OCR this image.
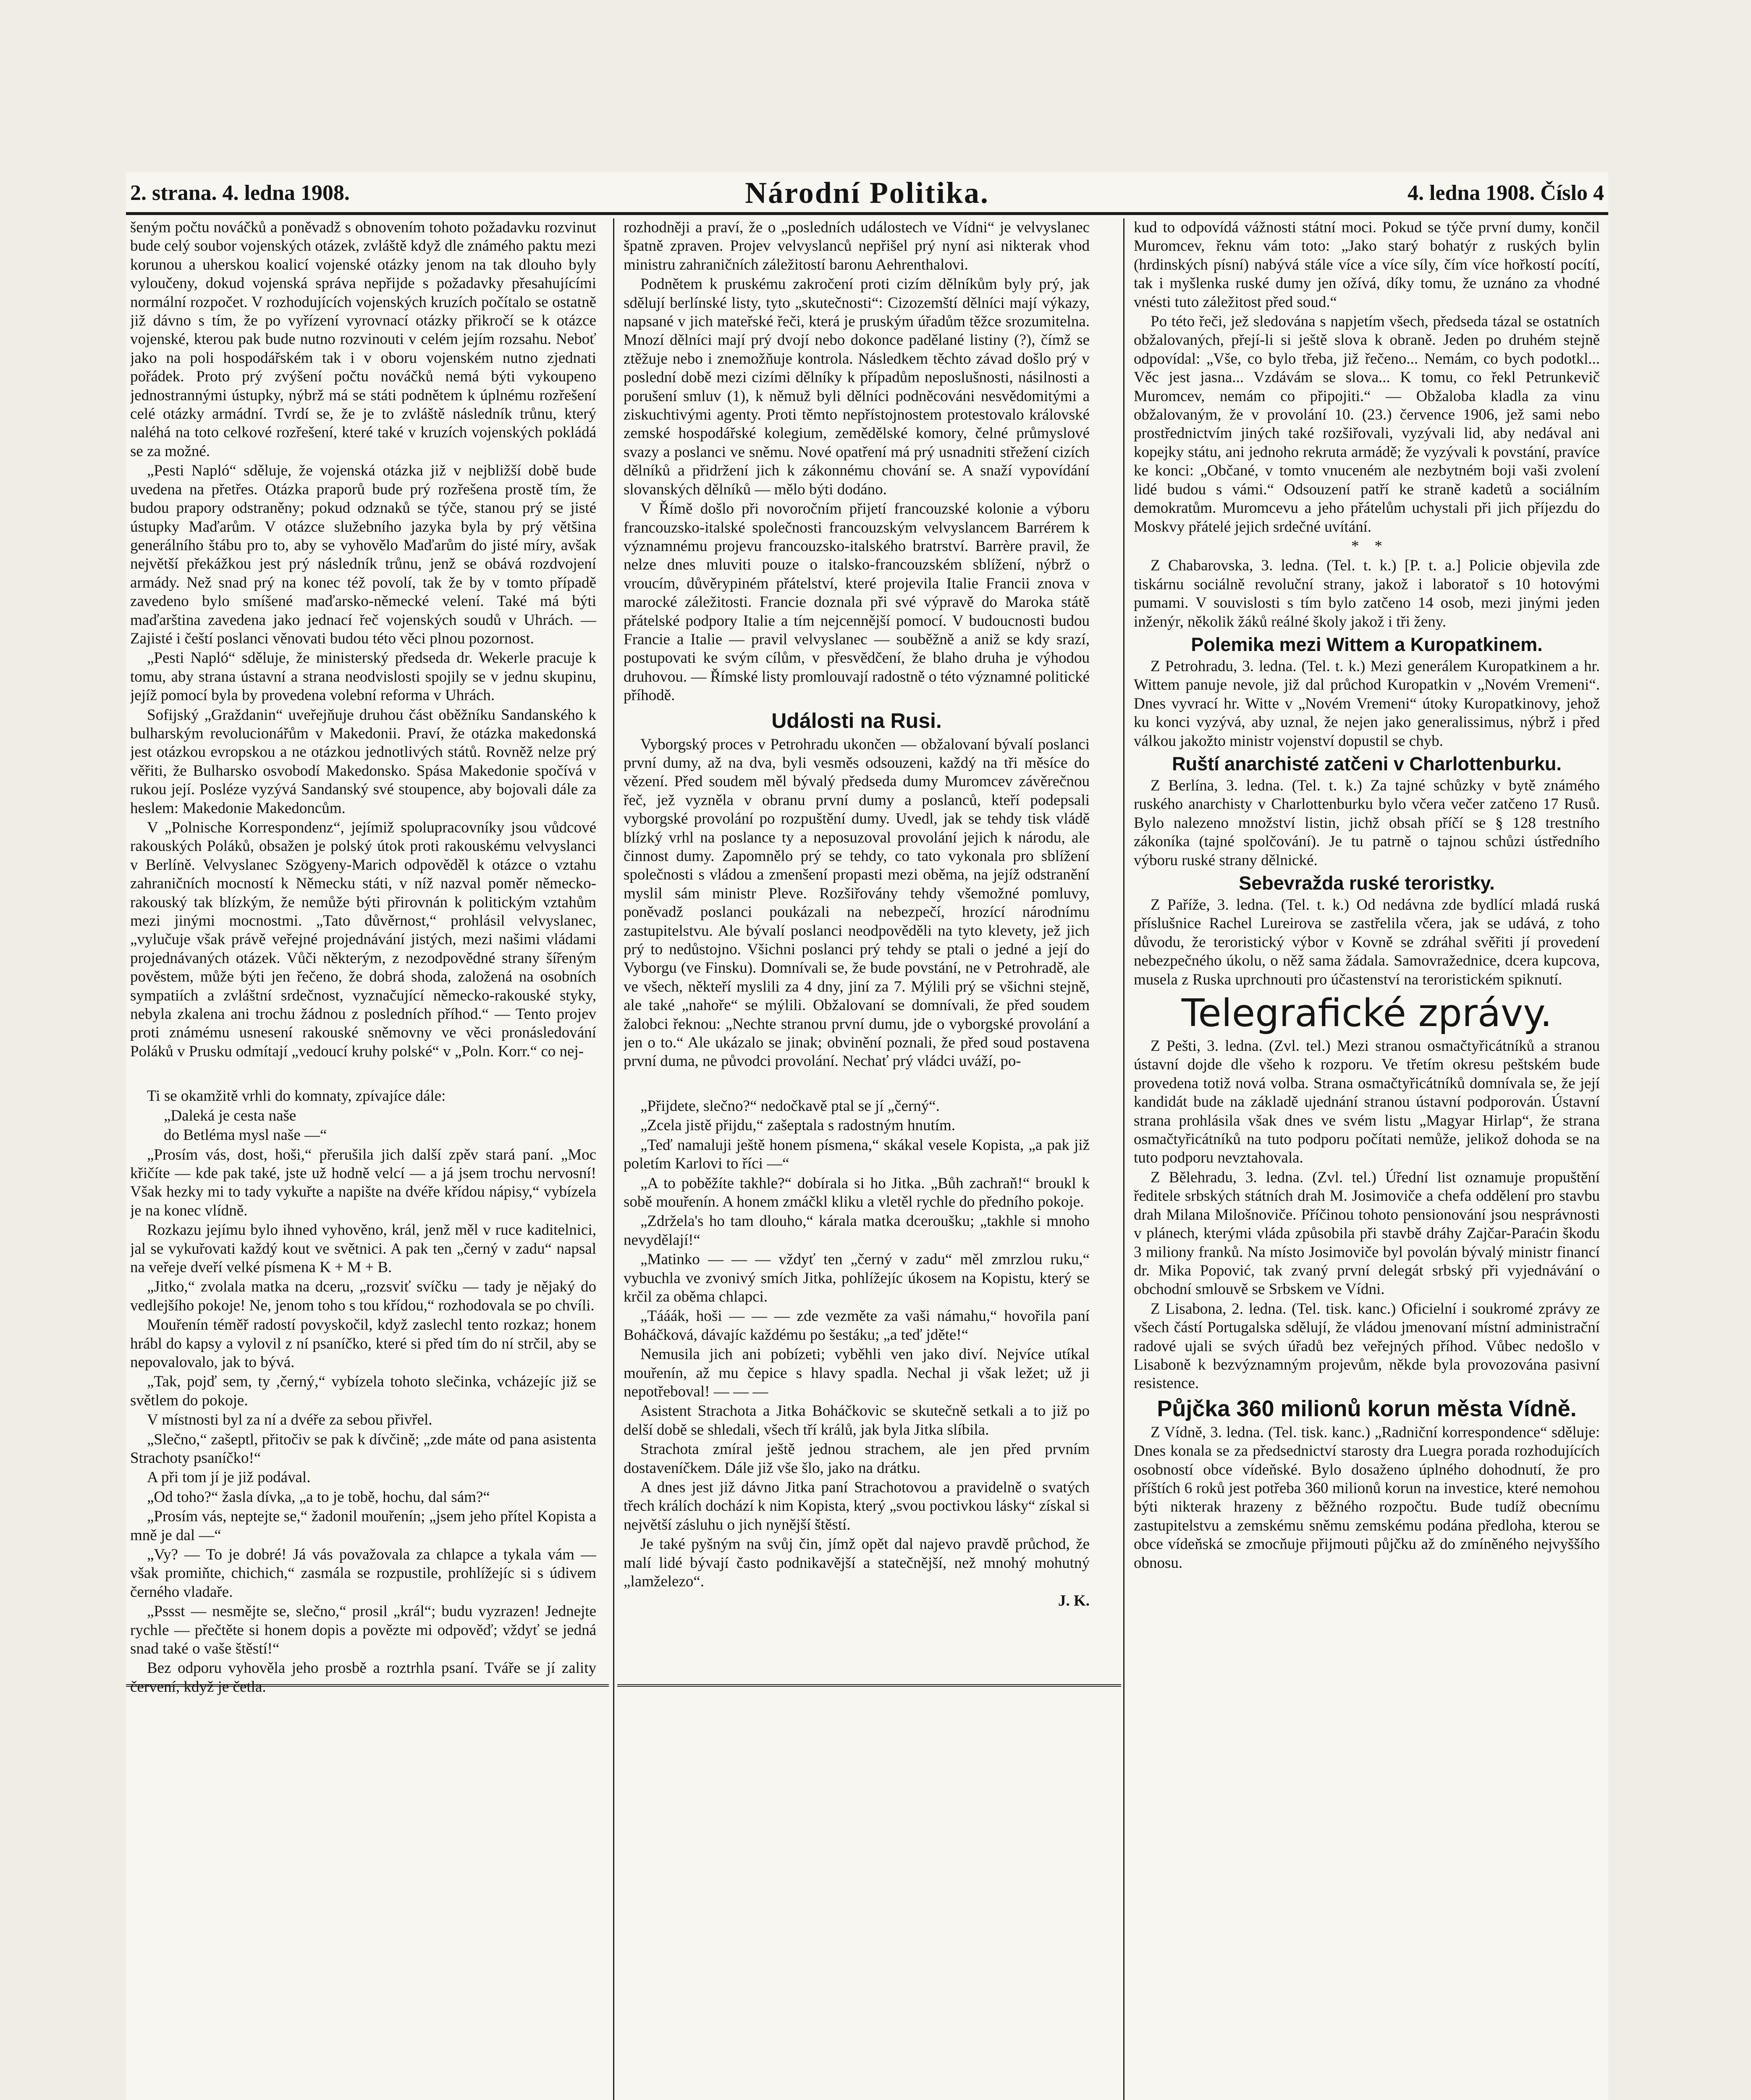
2. strana. 4. ledna 1908.	Národní Politika.	4. ledna 1908. Číslo 4

šeným počtu nováčků a poněvadž s obnovením tohoto požadavku rozvinut bude celý soubor vojenských otázek, zvláště když dle známého paktu mezi korunou a uherskou koalicí vojenské otázky jenom na tak dlouho byly vyloučeny, dokud vojenská správa nepřijde s požadavky přesahujícími normální rozpočet. V rozhodujících vojenských kruzích počítalo se ostatně již dávno s tím, že po vyřízení vyrovnací otázky přikročí se k otázce vojenské, kterou pak bude nutno rozvinouti v celém jejím rozsahu. Neboť jako na poli hospodářském tak i v oboru vojenském nutno zjednati pořádek. Proto prý zvýšení počtu nováčků nemá býti vykoupeno jednostrannými ústupky, nýbrž má se státi podnětem k úplnému rozřešení celé otázky armádní. Tvrdí se, že je to zvláště následník trůnu, který naléhá na toto celkové rozřešení, které také v kruzích vojenských pokládá se za možné.

„Pesti Napló“ sděluje, že vojenská otázka již v nejbližší době bude uvedena na přetřes. Otázka praporů bude prý rozřešena prostě tím, že budou prapory odstraněny; pokud odznaků se týče, stanou prý se jisté ústupky Maďarům. V otázce služebního jazyka byla by prý většina generálního štábu pro to, aby se vyhovělo Maďarům do jisté míry, avšak největší překážkou jest prý následník trůnu, jenž se obává rozdvojení armády. Než snad prý na konec též povolí, tak že by v tomto případě zavedeno bylo smíšené maďarsko-německé velení. Také má býti maďarština zavedena jako jednací řeč vojenských soudů v Uhrách. — Zajisté i čeští poslanci věnovati budou této věci plnou pozornost.

„Pesti Napló“ sděluje, že ministerský předseda dr. Wekerle pracuje k tomu, aby strana ústavní a strana neodvislosti spojily se v jednu skupinu, jejíž pomocí byla by provedena volební reforma v Uhrách.

Sofijský „Graždanin“ uveřejňuje druhou část oběžníku Sandanského k bulharským revolucionářům v Makedonii. Praví, že otázka makedonská jest otázkou evropskou a ne otázkou jednotlivých států. Rovněž nelze prý věřiti, že Bulharsko osvobodí Makedonsko. Spása Makedonie spočívá v rukou její. Posléze vyzývá Sandanský své stoupence, aby bojovali dále za heslem: Makedonie Makedoncům.

V „Polnische Korrespondenz“, jejímiž spolupracovníky jsou vůdcové rakouských Poláků, obsažen je polský útok proti rakouskému velvyslanci v Berlíně. Velvyslanec Szögyeny-Marich odpověděl k otázce o vztahu zahraničních mocností k Německu státi, v níž nazval poměr německo-rakouský tak blízkým, že nemůže býti přirovnán k politickým vztahům mezi jinými mocnostmi. „Tato důvěrnost,“ prohlásil velvyslanec, „vylučuje však právě veřejné projednávání jistých, mezi našimi vládami projednávaných otázek. Vůči některým, z nezodpovědné strany šířeným pověstem, může býti jen řečeno, že dobrá shoda, založená na osobních sympatiích a zvláštní srdečnost, vyznačující německo-rakouské styky, nebyla zkalena ani trochu žádnou z posledních příhod.“ — Tento projev proti známému usnesení rakouské sněmovny ve věci pronásledování Poláků v Prusku odmítají „vedoucí kruhy polské“ v „Poln. Korr.“ co nej-

Ti se okamžitě vrhli do komnaty, zpívajíce dále:

„Daleká je cesta naše

do Betléma mysl naše —“

„Prosím vás, dost, hoši,“ přerušila jich další zpěv stará paní. „Moc křičíte — kde pak také, jste už hodně velcí — a já jsem trochu nervosní! Však hezky mi to tady vykuřte a napište na dvéře křídou nápisy,“ vybízela je na konec vlídně.

Rozkazu jejímu bylo ihned vyhověno, král, jenž měl v ruce kaditelnici, jal se vykuřovati každý kout ve světnici. A pak ten „černý v zadu“ napsal na veřeje dveří velké písmena K + M + B.

„Jitko,“ zvolala matka na dceru, „rozsviť svíčku — tady je nějaký do vedlejšího pokoje! Ne, jenom toho s tou křídou,“ rozhodovala se po chvíli.

Mouřenín téměř radostí povyskočil, když zaslechl tento rozkaz; honem hrábl do kapsy a vylovil z ní psaníčko, které si před tím do ní strčil, aby se nepovalovalo, jak to bývá.

„Tak, pojď sem, ty ,černý,“ vybízela tohoto slečinka, vcházejíc již se světlem do pokoje.

V místnosti byl za ní a dvéře za sebou přivřel.

„Slečno,“ zašeptl, přitočiv se pak k dívčině; „zde máte od pana asistenta Strachoty psaníčko!“

A při tom jí je již podával.

„Od toho?“ žasla dívka, „a to je tobě, hochu, dal sám?“

„Prosím vás, neptejte se,“ žadonil mouřenín; „jsem jeho přítel Kopista a mně je dal —“

„Vy? — To je dobré! Já vás považovala za chlapce a tykala vám — však promiňte, chichich,“ zasmála se rozpustile, prohlížejíc si s údivem černého vladaře.

„Pssst — nesmějte se, slečno,“ prosil „král“; budu vyzrazen! Jednejte rychle — přečtěte si honem dopis a povězte mi odpověď; vždyť se jedná snad také o vaše štěstí!“

Bez odporu vyhověla jeho prosbě a roztrhla psaní. Tváře se jí zality červení, když je četla.

rozhodněji a praví, že o „posledních událostech ve Vídni“ je velvyslanec špatně zpraven. Projev velvyslanců nepřišel prý nyní asi nikterak vhod ministru zahraničních záležitostí baronu Aehrenthalovi.

Podnětem k pruskému zakročení proti cizím dělníkům byly prý, jak sdělují berlínské listy, tyto „skutečnosti“: Cizozemští dělníci mají výkazy, napsané v jich mateřské řeči, která je pruským úřadům těžce srozumitelna. Mnozí dělníci mají prý dvojí nebo dokonce padělané listiny (?), čímž se ztěžuje nebo i znemožňuje kontrola. Následkem těchto závad došlo prý v poslední době mezi cizími dělníky k případům neposlušnosti, násilnosti a porušení smluv (1), k němuž byli dělníci podněcováni nesvědomitými a ziskuchtivými agenty. Proti těmto nepřístojnostem protestovalo královské zemské hospodářské kolegium, zemědělské komory, čelné průmyslové svazy a poslanci ve sněmu. Nové opatření má prý usnadniti střežení cizích dělníků a přidržení jich k zákonnému chování se. A snaží vypovídání slovanských dělníků — mělo býti dodáno.

V Římě došlo při novoročním přijetí francouzské kolonie a výboru francouzsko-italské společnosti francouzským velvyslancem Barrérem k významnému projevu francouzsko-italského bratrství. Barrère pravil, že nelze dnes mluviti pouze o italsko-francouzském sblížení, nýbrž o vroucím, důvěrypiném přátelství, které projevila Italie Francii znova v marocké záležitosti. Francie doznala při své výpravě do Maroka státě přátelské podpory Italie a tím nejcennější pomocí. V budoucnosti budou Francie a Italie — pravil velvyslanec — souběžně a aniž se kdy srazí, postupovati ke svým cílům, v přesvědčení, že blaho druha je výhodou druhovou. — Římské listy promlouvají radostně o této významné politické příhodě.

Události na Rusi.

Vyborgský proces v Petrohradu ukončen — obžalovaní bývalí poslanci první dumy, až na dva, byli vesměs odsouzeni, každý na tři měsíce do vězení. Před soudem měl bývalý předseda dumy Muromcev závěrečnou řeč, jež vyzněla v obranu první dumy a poslanců, kteří podepsali vyborgské provolání po rozpuštění dumy. Uvedl, jak se tehdy tisk vládě blízký vrhl na poslance ty a neposuzoval provolání jejich k národu, ale činnost dumy. Zapomnělo prý se tehdy, co tato vykonala pro sblížení společnosti s vládou a zmenšení propasti mezi oběma, na jejíž odstranění myslil sám ministr Pleve. Rozšiřovány tehdy všemožné pomluvy, poněvadž poslanci poukázali na nebezpečí, hrozící národnímu zastupitelstvu. Ale bývalí poslanci neodpověděli na tyto klevety, jež jich prý to nedůstojno. Všichni poslanci prý tehdy se ptali o jedné a její do Vyborgu (ve Finsku). Domnívali se, že bude povstání, ne v Petrohradě, ale ve všech, někteří myslili za 4 dny, jiní za 7. Mýlili prý se všichni stejně, ale také „nahoře“ se mýlili. Obžalovaní se domnívali, že před soudem žalobci řeknou: „Nechte stranou první dumu, jde o vyborgské provolání a jen o to.“ Ale ukázalo se jinak; obvinění poznali, že před soud postavena první duma, ne původci provolání. Nechať prý vládci uváží, po-

„Přijdete, slečno?“ nedočkavě ptal se jí „černý“.

„Zcela jistě přijdu,“ zašeptala s radostným hnutím.

„Teď namaluji ještě honem písmena,“ skákal vesele Kopista, „a pak již poletím Karlovi to říci —“

„A to poběžíte takhle?“ dobírala si ho Jitka. „Bůh zachraň!“ broukl k sobě mouřenín. A honem zmáčkl kliku a vletěl rychle do předního pokoje.

„Zdržela's ho tam dlouho,“ kárala matka dceroušku; „takhle si mnoho nevydělají!“

„Matinko — — — vždyť ten „černý v zadu“ měl zmrzlou ruku,“ vybuchla ve zvonivý smích Jitka, pohlížejíc úkosem na Kopistu, který se krčil za oběma chlapci.

„Tááák, hoši — — — zde vezměte za vaši námahu,“ hovořila paní Boháčková, dávajíc každému po šestáku; „a teď jděte!“

Nemusila jich ani pobízeti; vyběhli ven jako diví. Nejvíce utíkal mouřenín, až mu čepice s hlavy spadla. Nechal ji však ležet; už ji nepotřeboval! — — —

Asistent Strachota a Jitka Boháčkovic se skutečně setkali a to již po delší době se shledali, všech tří králů, jak byla Jitka slíbila.

Strachota zmíral ještě jednou strachem, ale jen před prvním dostaveníčkem. Dále již vše šlo, jako na drátku.

A dnes jest již dávno Jitka paní Strachotovou a pravidelně o svatých třech králích dochází k nim Kopista, který „svou poctivkou lásky“ získal si největší zásluhu o jich nynější štěstí.

Je také pyšným na svůj čin, jímž opět dal najevo pravdě průchod, že malí lidé bývají často podnikavější a statečnější, než mnohý mohutný „lamželezo“.

J. K.

kud to odpovídá vážnosti státní moci. Pokud se týče první dumy, končil Muromcev, řeknu vám toto: „Jako starý bohatýr z ruských bylin (hrdinských písní) nabývá stále více a více síly, čím více hořkostí pocítí, tak i myšlenka ruské dumy jen ožívá, díky tomu, že uznáno za vhodné vnésti tuto záležitost před soud.“

Po této řeči, jež sledována s napjetím všech, předseda tázal se ostatních obžalovaných, přejí-li si ještě slova k obraně. Jeden po druhém stejně odpovídal: „Vše, co bylo třeba, již řečeno... Nemám, co bych podotkl... Věc jest jasna... Vzdávám se slova... K tomu, co řekl Petrunkevič Muromcev, nemám co připojiti.“ — Obžaloba kladla za vinu obžalovaným, že v provolání 10. (23.) července 1906, jež sami nebo prostřednictvím jiných také rozšiřovali, vyzývali lid, aby nedával ani kopejky státu, ani jednoho rekruta armádě; že vyzývali k povstání, pravíce ke konci: „Občané, v tomto vnuceném ale nezbytném boji vaši zvolení lidé budou s vámi.“ Odsouzení patří ke straně kadetů a sociálním demokratům. Muromcevu a jeho přátelům uchystali při jich příjezdu do Moskvy přátelé jejich srdečné uvítání.

*    *

Z Chabarovska, 3. ledna. (Tel. t. k.) [P. t. a.] Policie objevila zde tiskárnu sociálně revoluční strany, jakož i laboratoř s 10 hotovými pumami. V souvislosti s tím bylo zatčeno 14 osob, mezi jinými jeden inženýr, několik žáků reálné školy jakož i tři ženy.

Polemika mezi Wittem a Kuropatkinem.

Z Petrohradu, 3. ledna. (Tel. t. k.) Mezi generálem Kuropatkinem a hr. Wittem panuje nevole, již dal průchod Kuropatkin v „Novém Vremeni“. Dnes vyvrací hr. Witte v „Novém Vremeni“ útoky Kuropatkinovy, jehož ku konci vyzývá, aby uznal, že nejen jako generalissimus, nýbrž i před válkou jakožto ministr vojenství dopustil se chyb.

Ruští anarchisté zatčeni v Charlottenburku.

Z Berlína, 3. ledna. (Tel. t. k.) Za tajné schůzky v bytě známého ruského anarchisty v Charlottenburku bylo včera večer zatčeno 17 Rusů. Bylo nalezeno množství listin, jichž obsah příčí se § 128 trestního zákoníka (tajné spolčování). Je tu patrně o tajnou schůzi ústředního výboru ruské strany dělnické.

Sebevražda ruské teroristky.

Z Paříže, 3. ledna. (Tel. t. k.) Od nedávna zde bydlící mladá ruská příslušnice Rachel Lureirova se zastřelila včera, jak se udává, z toho důvodu, že teroristický výbor v Kovně se zdráhal svěřiti jí provedení nebezpečného úkolu, o něž sama žádala. Samovražednice, dcera kupcova, musela z Ruska uprchnouti pro účastenství na teroristickém spiknutí.

Telegrafické zprávy.

Z Pešti, 3. ledna. (Zvl. tel.) Mezi stranou osmačtyřicátníků a stranou ústavní dojde dle všeho k rozporu. Ve třetím okresu peštském bude provedena totiž nová volba. Strana osmačtyřicátníků domnívala se, že její kandidát bude na základě ujednání stranou ústavní podporován. Ústavní strana prohlásila však dnes ve svém listu „Magyar Hirlap“, že strana osmačtyřicátníků na tuto podporu počítati nemůže, jelikož dohoda se na tuto podporu nevztahovala.

Z Bělehradu, 3. ledna. (Zvl. tel.) Úřední list oznamuje propuštění ředitele srbských státních drah M. Josimoviče a chefa oddělení pro stavbu drah Milana Milošnoviče. Příčinou tohoto pensionování jsou nesprávnosti v plánech, kterými vláda způsobila při stavbě dráhy Zajčar-Paraćin škodu 3 miliony franků. Na místo Josimoviče byl povolán bývalý ministr financí dr. Mika Popović, tak zvaný první delegát srbský při vyjednávání o obchodní smlouvě se Srbskem ve Vídni.

Z Lisabona, 2. ledna. (Tel. tisk. kanc.) Oficielní i soukromé zprávy ze všech částí Portugalska sdělují, že vládou jmenovaní místní administrační radové ujali se svých úřadů bez veřejných příhod. Vůbec nedošlo v Lisaboně k bezvýznamným projevům, někde byla provozována pasivní resistence.

Půjčka 360 milionů korun města Vídně.

Z Vídně, 3. ledna. (Tel. tisk. kanc.) „Radniční korrespondence“ sděluje: Dnes konala se za předsednictví starosty dra Luegra porada rozhodujících osobností obce vídeňské. Bylo dosaženo úplného dohodnutí, že pro příštích 6 roků jest potřeba 360 milionů korun na investice, které nemohou býti nikterak hrazeny z běžného rozpočtu. Bude tudíž obecnímu zastupitelstvu a zemskému sněmu zemskému podána předloha, kterou se obce vídeňská se zmocňuje přijmouti půjčku až do zmíněného nejvyššího obnosu.
